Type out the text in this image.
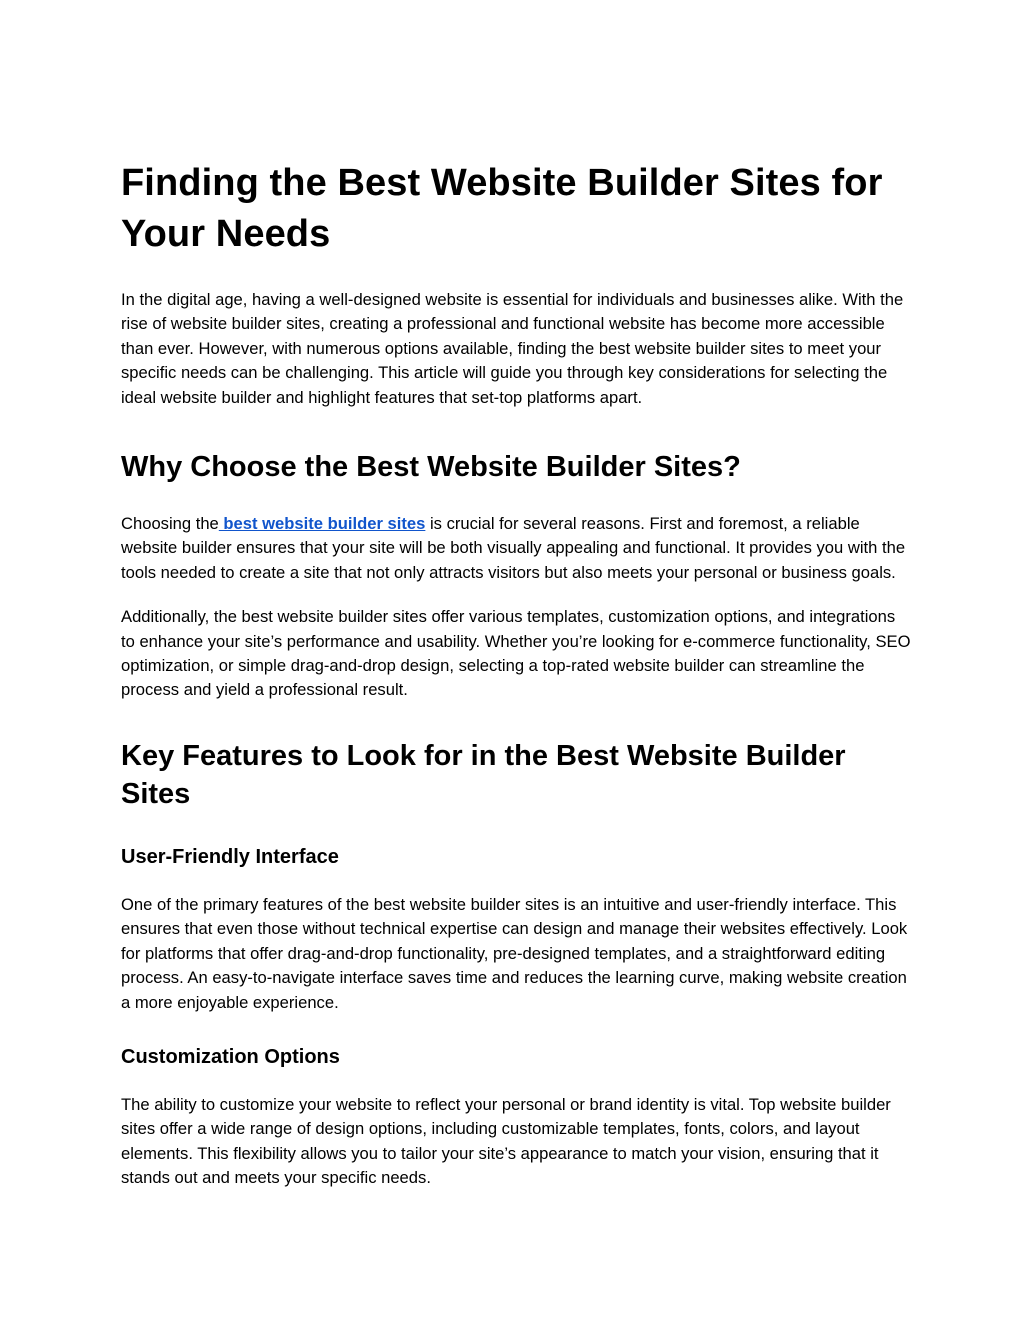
Finding the Best Website Builder Sites for Your Needs

In the digital age, having a well-designed website is essential for individuals and businesses alike. With the rise of website builder sites, creating a professional and functional website has become more accessible than ever. However, with numerous options available, finding the best website builder sites to meet your specific needs can be challenging. This article will guide you through key considerations for selecting the ideal website builder and highlight features that set-top platforms apart.

Why Choose the Best Website Builder Sites?

Choosing the best website builder sites is crucial for several reasons. First and foremost, a reliable website builder ensures that your site will be both visually appealing and functional. It provides you with the tools needed to create a site that not only attracts visitors but also meets your personal or business goals.

Additionally, the best website builder sites offer various templates, customization options, and integrations to enhance your site’s performance and usability. Whether you’re looking for e-commerce functionality, SEO optimization, or simple drag-and-drop design, selecting a top-rated website builder can streamline the process and yield a professional result.

Key Features to Look for in the Best Website Builder Sites
User-Friendly Interface

One of the primary features of the best website builder sites is an intuitive and user-friendly interface. This ensures that even those without technical expertise can design and manage their websites effectively. Look for platforms that offer drag-and-drop functionality, pre-designed templates, and a straightforward editing process. An easy-to-navigate interface saves time and reduces the learning curve, making website creation a more enjoyable experience.

Customization Options

The ability to customize your website to reflect your personal or brand identity is vital. Top website builder sites offer a wide range of design options, including customizable templates, fonts, colors, and layout elements. This flexibility allows you to tailor your site’s appearance to match your vision, ensuring that it stands out and meets your specific needs.
